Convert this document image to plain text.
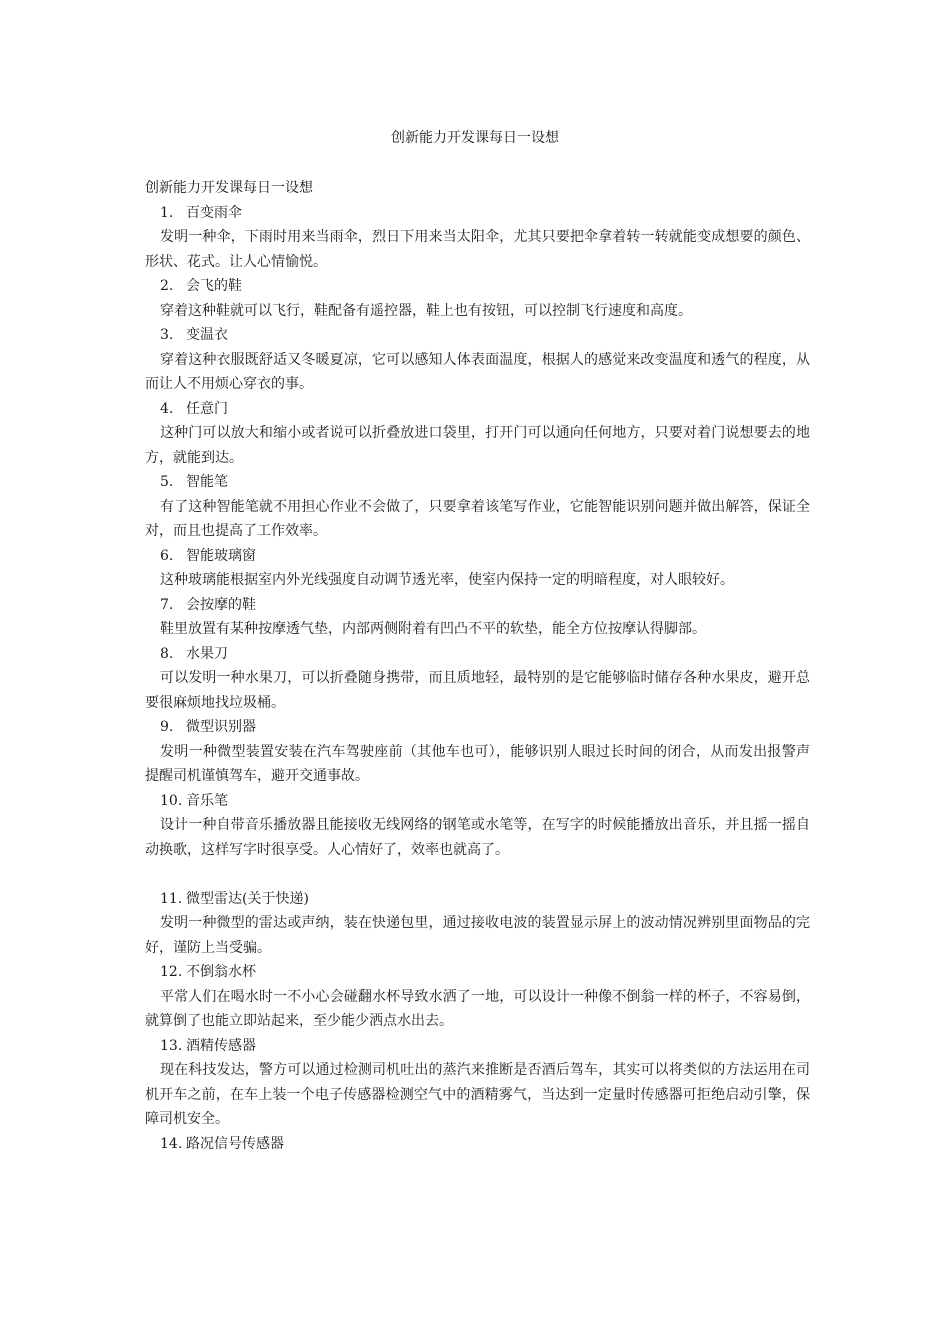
创新能力开发课每日一设想

创新能力开发课每日一设想

1. 百变雨伞

发明一种伞，下雨时用来当雨伞，烈日下用来当太阳伞，尤其只要把伞拿着转一转就能变成想要的颜色、形状、花式。让人心情愉悦。

2. 会飞的鞋

穿着这种鞋就可以飞行，鞋配备有遥控器，鞋上也有按钮，可以控制飞行速度和高度。

3. 变温衣

穿着这种衣服既舒适又冬暖夏凉，它可以感知人体表面温度，根据人的感觉来改变温度和透气的程度，从而让人不用烦心穿衣的事。

4. 任意门

这种门可以放大和缩小或者说可以折叠放进口袋里，打开门可以通向任何地方，只要对着门说想要去的地方，就能到达。

5. 智能笔

有了这种智能笔就不用担心作业不会做了，只要拿着该笔写作业，它能智能识别问题并做出解答，保证全对，而且也提高了工作效率。

6. 智能玻璃窗

这种玻璃能根据室内外光线强度自动调节透光率，使室内保持一定的明暗程度，对人眼较好。

7. 会按摩的鞋

鞋里放置有某种按摩透气垫，内部两侧附着有凹凸不平的软垫，能全方位按摩认得脚部。

8. 水果刀

可以发明一种水果刀，可以折叠随身携带，而且质地轻，最特别的是它能够临时储存各种水果皮，避开总要很麻烦地找垃圾桶。

9. 微型识别器

发明一种微型装置安装在汽车驾驶座前（其他车也可），能够识别人眼过长时间的闭合，从而发出报警声提醒司机谨慎驾车，避开交通事故。

10. 音乐笔

设计一种自带音乐播放器且能接收无线网络的钢笔或水笔等，在写字的时候能播放出音乐，并且摇一摇自动换歌，这样写字时很享受。人心情好了，效率也就高了。

11. 微型雷达(关于快递)

发明一种微型的雷达或声纳，装在快递包里，通过接收电波的装置显示屏上的波动情况辨别里面物品的完好，谨防上当受骗。

12. 不倒翁水杯

平常人们在喝水时一不小心会碰翻水杯导致水洒了一地，可以设计一种像不倒翁一样的杯子，不容易倒，就算倒了也能立即站起来，至少能少洒点水出去。

13. 酒精传感器

现在科技发达，警方可以通过检测司机吐出的蒸汽来推断是否酒后驾车，其实可以将类似的方法运用在司机开车之前，在车上装一个电子传感器检测空气中的酒精雾气，当达到一定量时传感器可拒绝启动引擎，保障司机安全。

14. 路况信号传感器
